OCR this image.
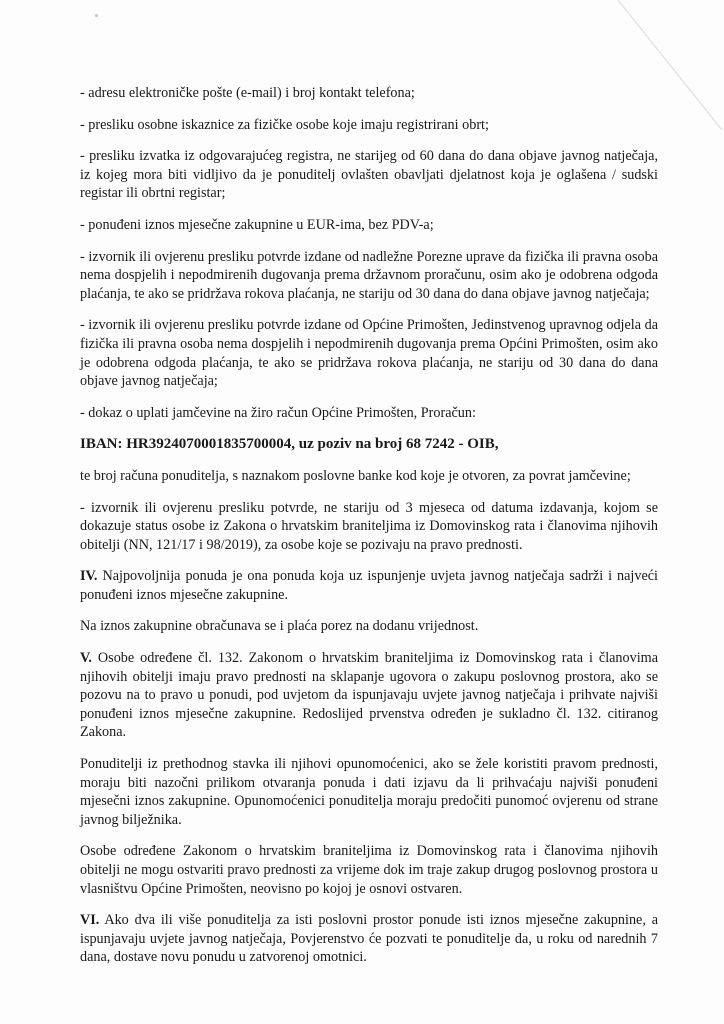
- adresu elektroničke pošte (e-mail) i broj kontakt telefona;

- presliku osobne iskaznice za fizičke osobe koje imaju registrirani obrt;

- presliku izvatka iz odgovarajućeg registra, ne starijeg od 60 dana do dana objave javnog natječaja, iz kojeg mora biti vidljivo da je ponuditelj ovlašten obavljati djelatnost koja je oglašena / sudski registar ili obrtni registar;

- ponuđeni iznos mjesečne zakupnine u EUR-ima, bez PDV-a;

- izvornik ili ovjerenu presliku potvrde izdane od nadležne Porezne uprave da fizička ili pravna osoba nema dospjelih i nepodmirenih dugovanja prema državnom proračunu, osim ako je odobrena odgoda plaćanja, te ako se pridržava rokova plaćanja, ne stariju od 30 dana do dana objave javnog natječaja;

- izvornik ili ovjerenu presliku potvrde izdane od Općine Primošten, Jedinstvenog upravnog odjela da fizička ili pravna osoba nema dospjelih i nepodmirenih dugovanja prema Općini Primošten, osim ako je odobrena odgoda plaćanja, te ako se pridržava rokova plaćanja, ne stariju od 30 dana do dana objave javnog natječaja;

- dokaz o uplati jamčevine na žiro račun Općine Primošten, Proračun:

IBAN: HR3924070001835700004, uz poziv na broj 68 7242 - OIB,

te broj računa ponuditelja, s naznakom poslovne banke kod koje je otvoren, za povrat jamčevine;

- izvornik ili ovjerenu presliku potvrde, ne stariju od 3 mjeseca od datuma izdavanja, kojom se dokazuje status osobe iz Zakona o hrvatskim braniteljima iz Domovinskog rata i članovima njihovih obitelji (NN, 121/17 i 98/2019), za osobe koje se pozivaju na pravo prednosti.

IV. Najpovoljnija ponuda je ona ponuda koja uz ispunjenje uvjeta javnog natječaja sadrži i najveći ponuđeni iznos mjesečne zakupnine.

Na iznos zakupnine obračunava se i plaća porez na dodanu vrijednost.

V. Osobe određene čl. 132. Zakonom o hrvatskim braniteljima iz Domovinskog rata i članovima njihovih obitelji imaju pravo prednosti na sklapanje ugovora o zakupu poslovnog prostora, ako se pozovu na to pravo u ponudi, pod uvjetom da ispunjavaju uvjete javnog natječaja i prihvate najviši ponuđeni iznos mjesečne zakupnine. Redoslijed prvenstva određen je sukladno čl. 132. citiranog Zakona.

Ponuditelji iz prethodnog stavka ili njihovi opunomoćenici, ako se žele koristiti pravom prednosti, moraju biti nazočni prilikom otvaranja ponuda i dati izjavu da li prihvaćaju najviši ponuđeni mjesečni iznos zakupnine. Opunomoćenici ponuditelja moraju predočiti punomoć ovjerenu od strane javnog bilježnika.

Osobe određene Zakonom o hrvatskim braniteljima iz Domovinskog rata i članovima njihovih obitelji ne mogu ostvariti pravo prednosti za vrijeme dok im traje zakup drugog poslovnog prostora u vlasništvu Općine Primošten, neovisno po kojoj je osnovi ostvaren.

VI. Ako dva ili više ponuditelja za isti poslovni prostor ponude isti iznos mjesečne zakupnine, a ispunjavaju uvjete javnog natječaja, Povjerenstvo će pozvati te ponuditelje da, u roku od narednih 7 dana, dostave novu ponudu u zatvorenoj omotnici.
